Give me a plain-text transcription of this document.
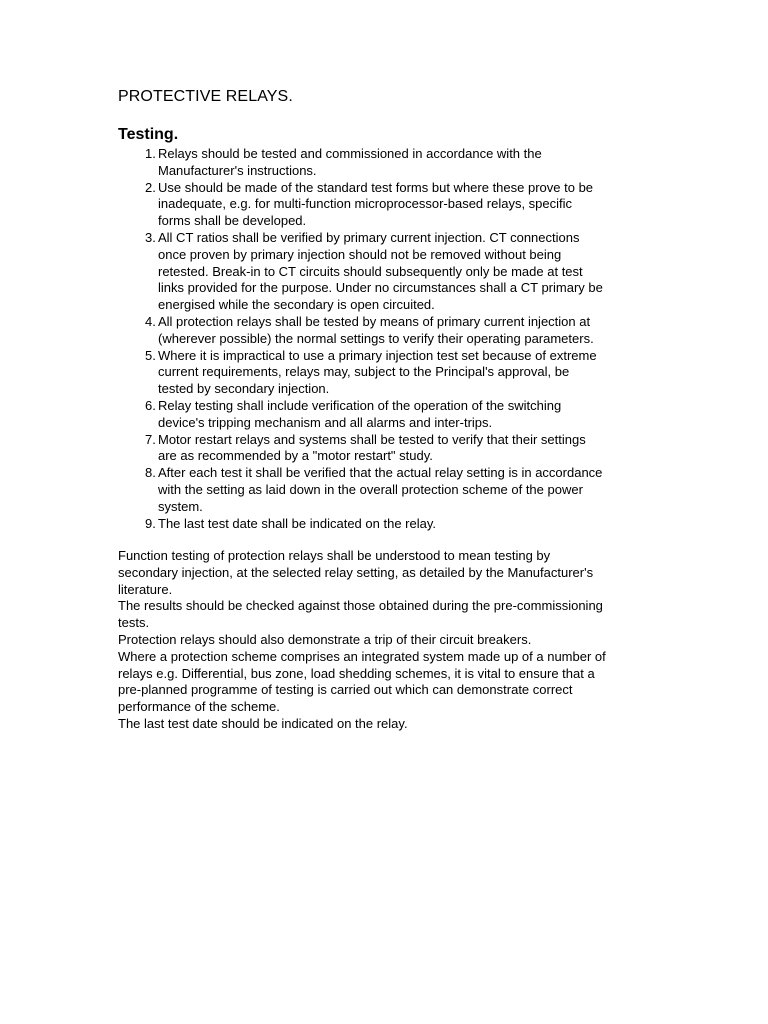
PROTECTIVE RELAYS.
Testing.
1. Relays should be tested and commissioned in accordance with the
Manufacturer's instructions.
2. Use should be made of the standard test forms but where these prove to be
inadequate, e.g. for multi-function microprocessor-based relays, specific
forms shall be developed.
3. All CT ratios shall be verified by primary current injection. CT connections
once proven by primary injection should not be removed without being
retested. Break-in to CT circuits should subsequently only be made at test
links provided for the purpose. Under no circumstances shall a CT primary be
energised while the secondary is open circuited.
4. All protection relays shall be tested by means of primary current injection at
(wherever possible) the normal settings to verify their operating parameters.
5. Where it is impractical to use a primary injection test set because of extreme
current requirements, relays may, subject to the Principal's approval, be
tested by secondary injection.
6. Relay testing shall include verification of the operation of the switching
device's tripping mechanism and all alarms and inter-trips.
7. Motor restart relays and systems shall be tested to verify that their settings
are as recommended by a "motor restart" study.
8. After each test it shall be verified that the actual relay setting is in accordance
with the setting as laid down in the overall protection scheme of the power
system.
9. The last test date shall be indicated on the relay.

Function testing of protection relays shall be understood to mean testing by
secondary injection, at the selected relay setting, as detailed by the Manufacturer's
literature.

The results should be checked against those obtained during the pre-commissioning
tests.

Protection relays should also demonstrate a trip of their circuit breakers.

Where a protection scheme comprises an integrated system made up of a number of
relays e.g. Differential, bus zone, load shedding schemes, it is vital to ensure that a
pre-planned programme of testing is carried out which can demonstrate correct
performance of the scheme.

The last test date should be indicated on the relay.
